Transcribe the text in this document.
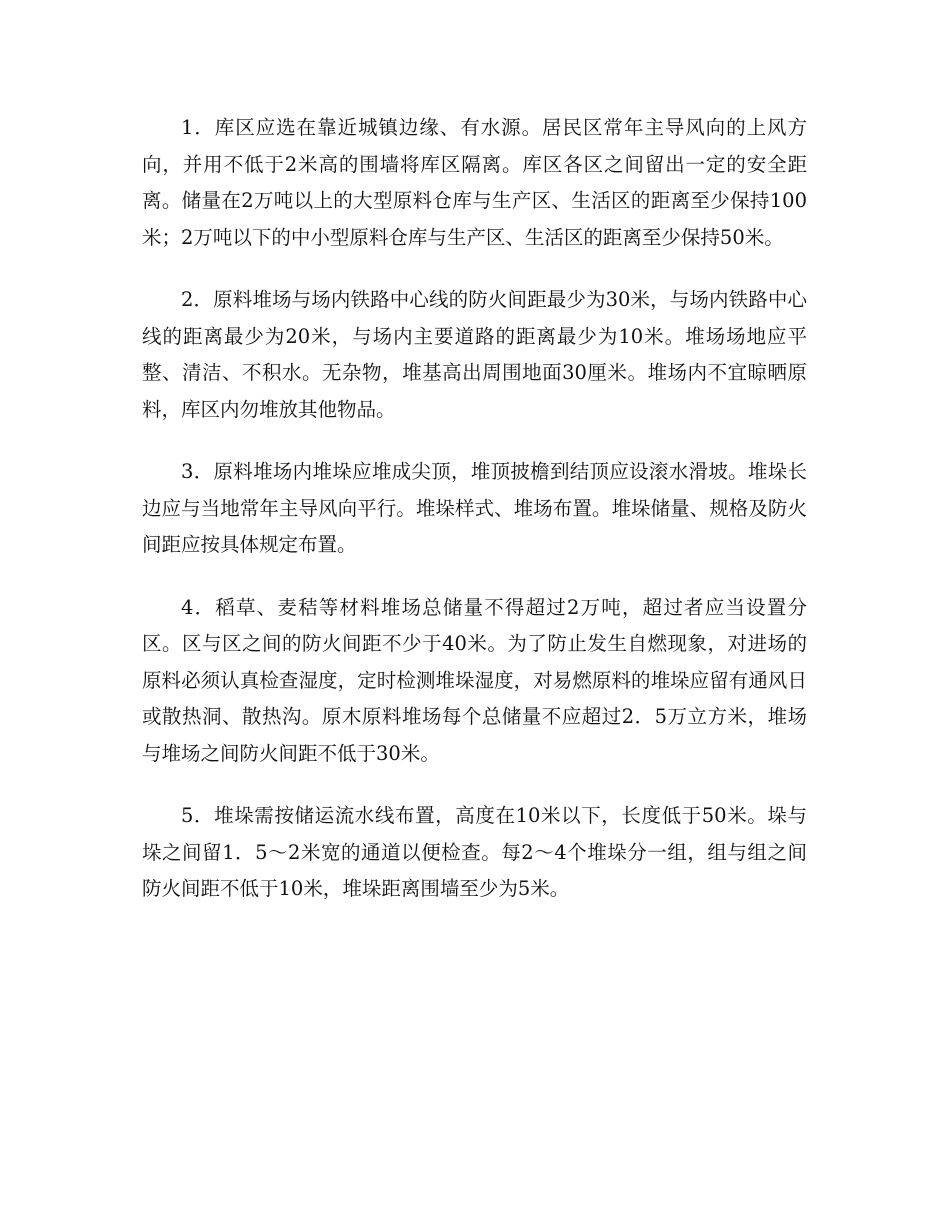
1．库区应选在靠近城镇边缘、有水源。居民区常年主导风向的上风方向，并用不低于2米高的围墙将库区隔离。库区各区之间留出一定的安全距离。储量在2万吨以上的大型原料仓库与生产区、生活区的距离至少保持100米；2万吨以下的中小型原料仓库与生产区、生活区的距离至少保持50米。

2．原料堆场与场内铁路中心线的防火间距最少为30米，与场内铁路中心线的距离最少为20米，与场内主要道路的距离最少为10米。堆场场地应平整、清洁、不积水。无杂物，堆基高出周围地面30厘米。堆场内不宜晾晒原料，库区内勿堆放其他物品。

3．原料堆场内堆垛应堆成尖顶，堆顶披檐到结顶应设滚水滑坡。堆垛长边应与当地常年主导风向平行。堆垛样式、堆场布置。堆垛储量、规格及防火间距应按具体规定布置。

4．稻草、麦秸等材料堆场总储量不得超过2万吨，超过者应当设置分区。区与区之间的防火间距不少于40米。为了防止发生自燃现象，对进场的原料必须认真检查湿度，定时检测堆垛湿度，对易燃原料的堆垛应留有通风日或散热洞、散热沟。原木原料堆场每个总储量不应超过2．5万立方米，堆场与堆场之间防火间距不低于30米。

5．堆垛需按储运流水线布置，高度在10米以下，长度低于50米。垛与垛之间留1．5～2米宽的通道以便检查。每2～4个堆垛分一组，组与组之间防火间距不低于10米，堆垛距离围墙至少为5米。
